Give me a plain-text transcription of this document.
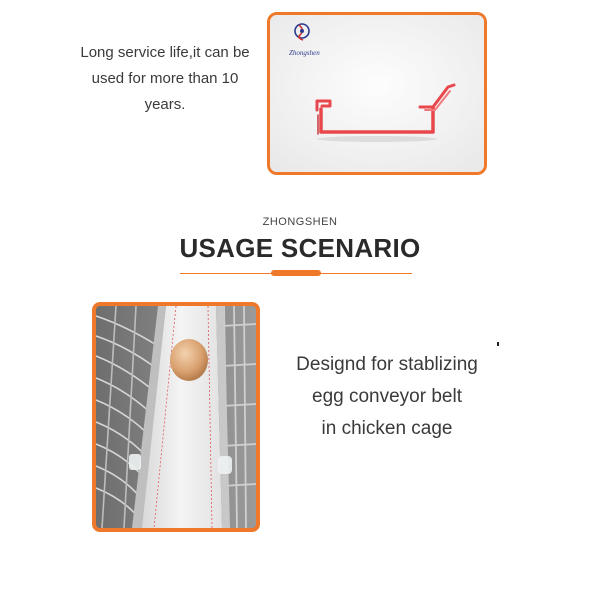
Long service life,it can be
used for more than 10
years.
Zhongshen
ZHONGSHEN
USAGE SCENARIO
Designd for stablizing
egg conveyor belt
in chicken cage
